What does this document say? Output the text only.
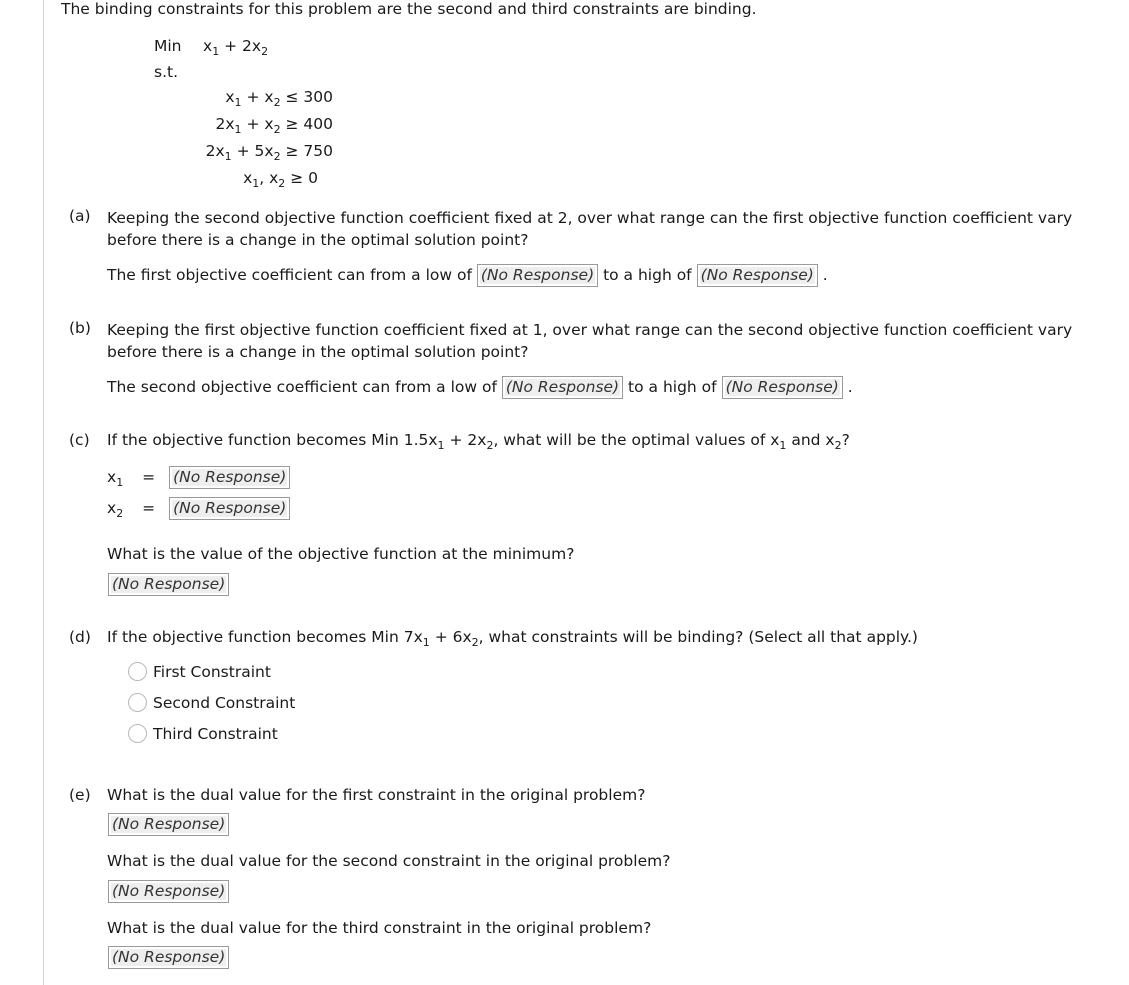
The binding constraints for this problem are the second and third constraints are binding.
Min $x_1 + 2x_2$
s.t.
$x_1 + x_2 \le 300$
$2x_1 + x_2 \ge 400$
$2x_1 + 5x_2 \ge 750$
$x_1$, $x_2 \ge 0$
(a) Keeping the second objective function coefficient fixed at 2, over what range can the first objective function coefficient vary before there is a change in the optimal solution point?
The first objective coefficient can from a low of (No Response) to a high of (No Response) .
(b) Keeping the first objective function coefficient fixed at 1, over what range can the second objective function coefficient vary before there is a change in the optimal solution point?
The second objective coefficient can from a low of (No Response) to a high of (No Response) .
(c) If the objective function becomes Min $1.5x_1 + 2x_2$, what will be the optimal values of $x_1$ and $x_2$?
$x_1 = (No$ Response)
$x_2 = (No$ Response)
What is the value of the objective function at the minimum?
(No Response)
(d) If the objective function becomes Min $7x_1 + 6x_2$, what constraints will be binding? (Select all that apply.)
First Constraint
Second Constraint
Third Constraint
(e) What is the dual value for the first constraint in the original problem?
(No Response)
What is the dual value for the second constraint in the original problem?
(No Response)
What is the dual value for the third constraint in the original problem?
(No Response)
